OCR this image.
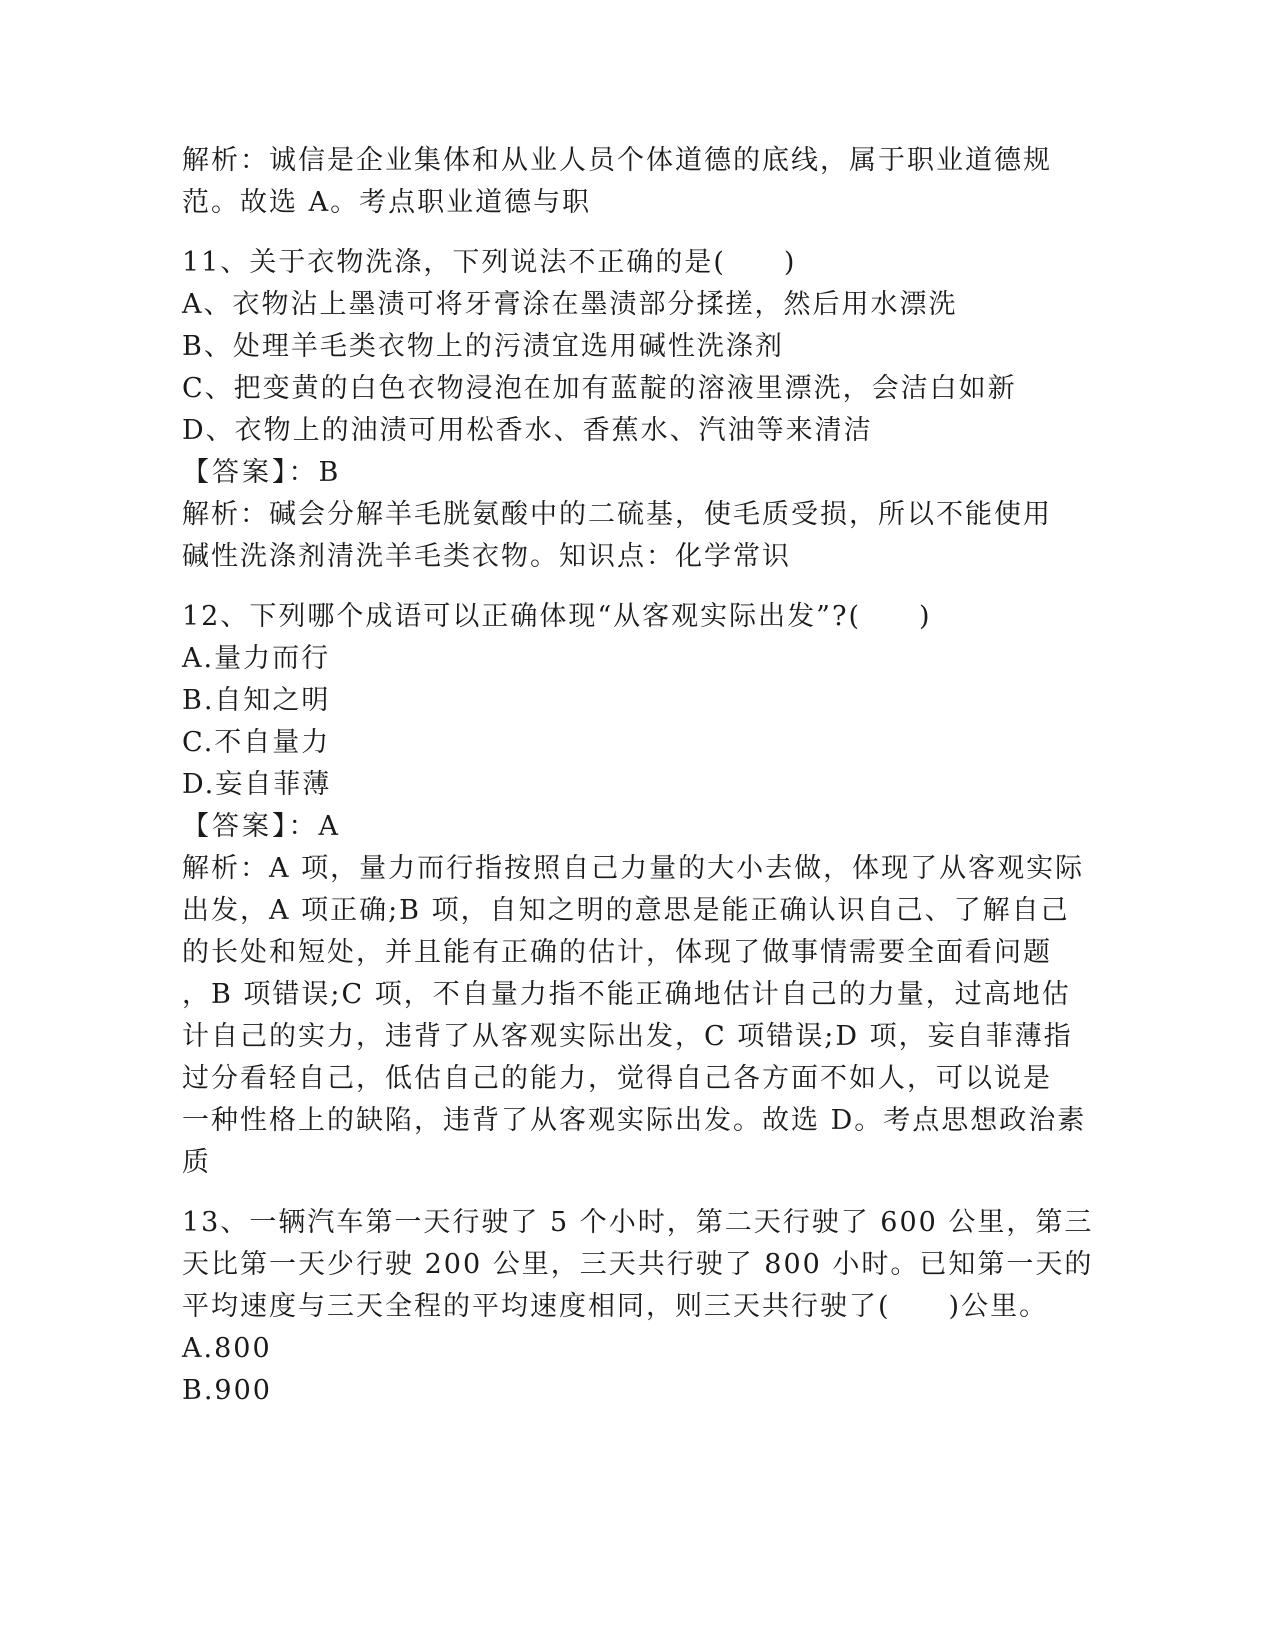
解析：诚信是企业集体和从业人员个体道德的底线，属于职业道德规
范。故选 A。考点职业道德与职
11、关于衣物洗涤，下列说法不正确的是(　　)
A、衣物沾上墨渍可将牙膏涂在墨渍部分揉搓，然后用水漂洗
B、处理羊毛类衣物上的污渍宜选用碱性洗涤剂
C、把变黄的白色衣物浸泡在加有蓝靛的溶液里漂洗，会洁白如新
D、衣物上的油渍可用松香水、香蕉水、汽油等来清洁
【答案】：B
解析：碱会分解羊毛胱氨酸中的二硫基，使毛质受损，所以不能使用
碱性洗涤剂清洗羊毛类衣物。知识点：化学常识
12、下列哪个成语可以正确体现“从客观实际出发”?(　　)
A.量力而行
B.自知之明
C.不自量力
D.妄自菲薄
【答案】：A
解析：A 项，量力而行指按照自己力量的大小去做，体现了从客观实际
出发，A 项正确;B 项，自知之明的意思是能正确认识自己、了解自己
的长处和短处，并且能有正确的估计，体现了做事情需要全面看问题
，B 项错误;C 项，不自量力指不能正确地估计自己的力量，过高地估
计自己的实力，违背了从客观实际出发，C 项错误;D 项，妄自菲薄指
过分看轻自己，低估自己的能力，觉得自己各方面不如人，可以说是
一种性格上的缺陷，违背了从客观实际出发。故选 D。考点思想政治素
质
13、一辆汽车第一天行驶了 5 个小时，第二天行驶了 600 公里，第三
天比第一天少行驶 200 公里，三天共行驶了 800 小时。已知第一天的
平均速度与三天全程的平均速度相同，则三天共行驶了(　　)公里。
A.800
B.900
